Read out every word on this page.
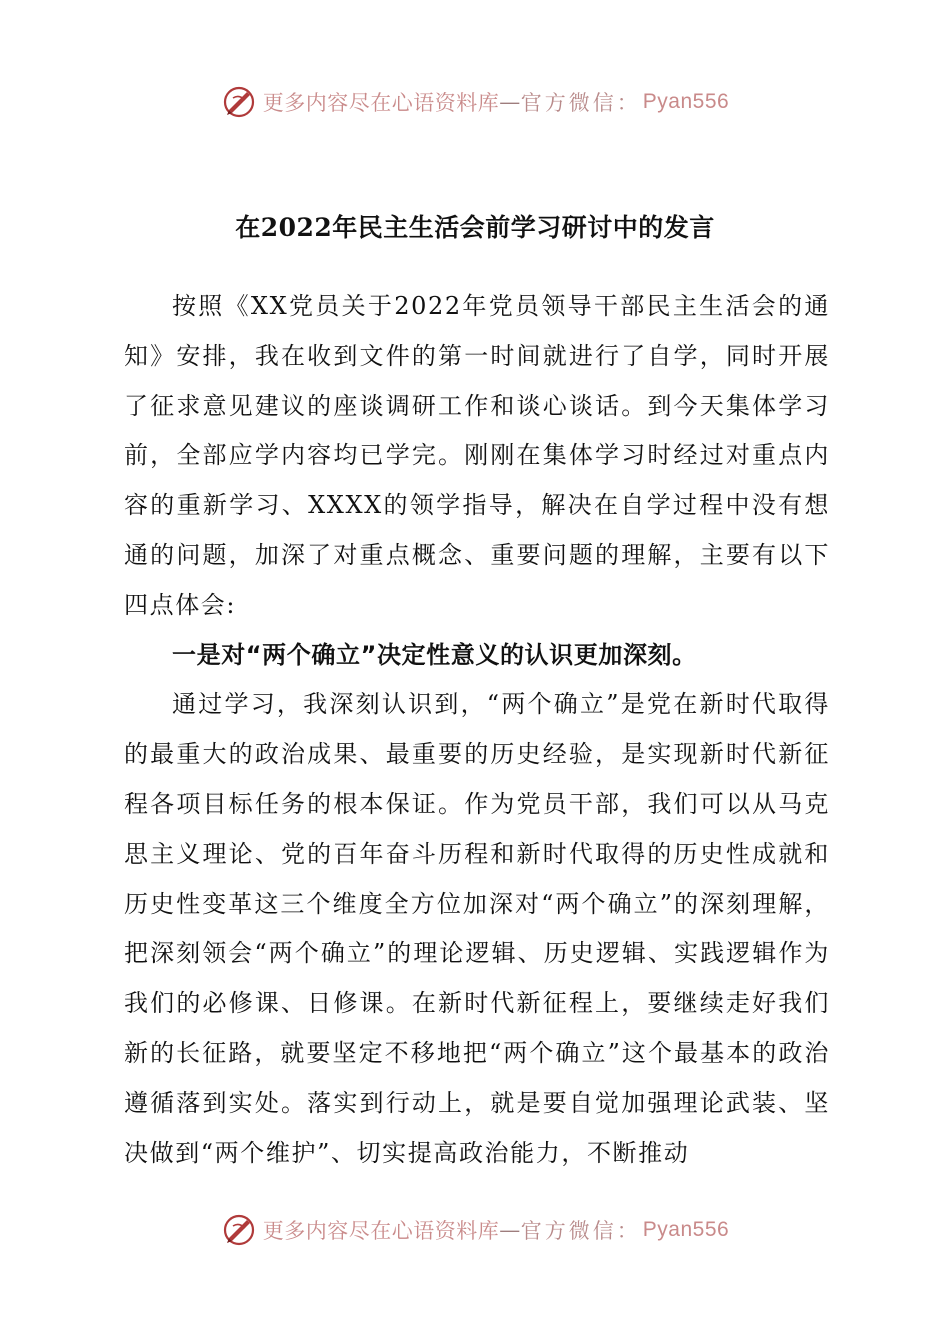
更多内容尽在心语资料库 — 官方微信： Pyan556
在2022年民主生活会前学习研讨中的发言

按照《XX党员关于2022年党员领导干部民主生活会的通知》安排，我在收到文件的第一时间就进行了自学，同时开展了征求意见建议的座谈调研工作和谈心谈话。到今天集体学习前，全部应学内容均已学完。刚刚在集体学习时经过对重点内容的重新学习、XXXX的领学指导，解决在自学过程中没有想通的问题，加深了对重点概念、重要问题的理解，主要有以下四点体会:

一是对“两个确立”决定性意义的认识更加深刻。

通过学习，我深刻认识到，“两个确立”是党在新时代取得的最重大的政治成果、最重要的历史经验，是实现新时代新征程各项目标任务的根本保证。作为党员干部，我们可以从马克思主义理论、党的百年奋斗历程和新时代取得的历史性成就和历史性变革这三个维度全方位加深对“两个确立”的深刻理解，把深刻领会“两个确立”的理论逻辑、历史逻辑、实践逻辑作为我们的必修课、日修课。在新时代新征程上，要继续走好我们新的长征路，就要坚定不移地把“两个确立”这个最基本的政治遵循落到实处。落实到行动上，就是要自觉加强理论武装、坚决做到“两个维护”、切实提高政治能力，不断推动

更多内容尽在心语资料库 — 官方微信： Pyan556
